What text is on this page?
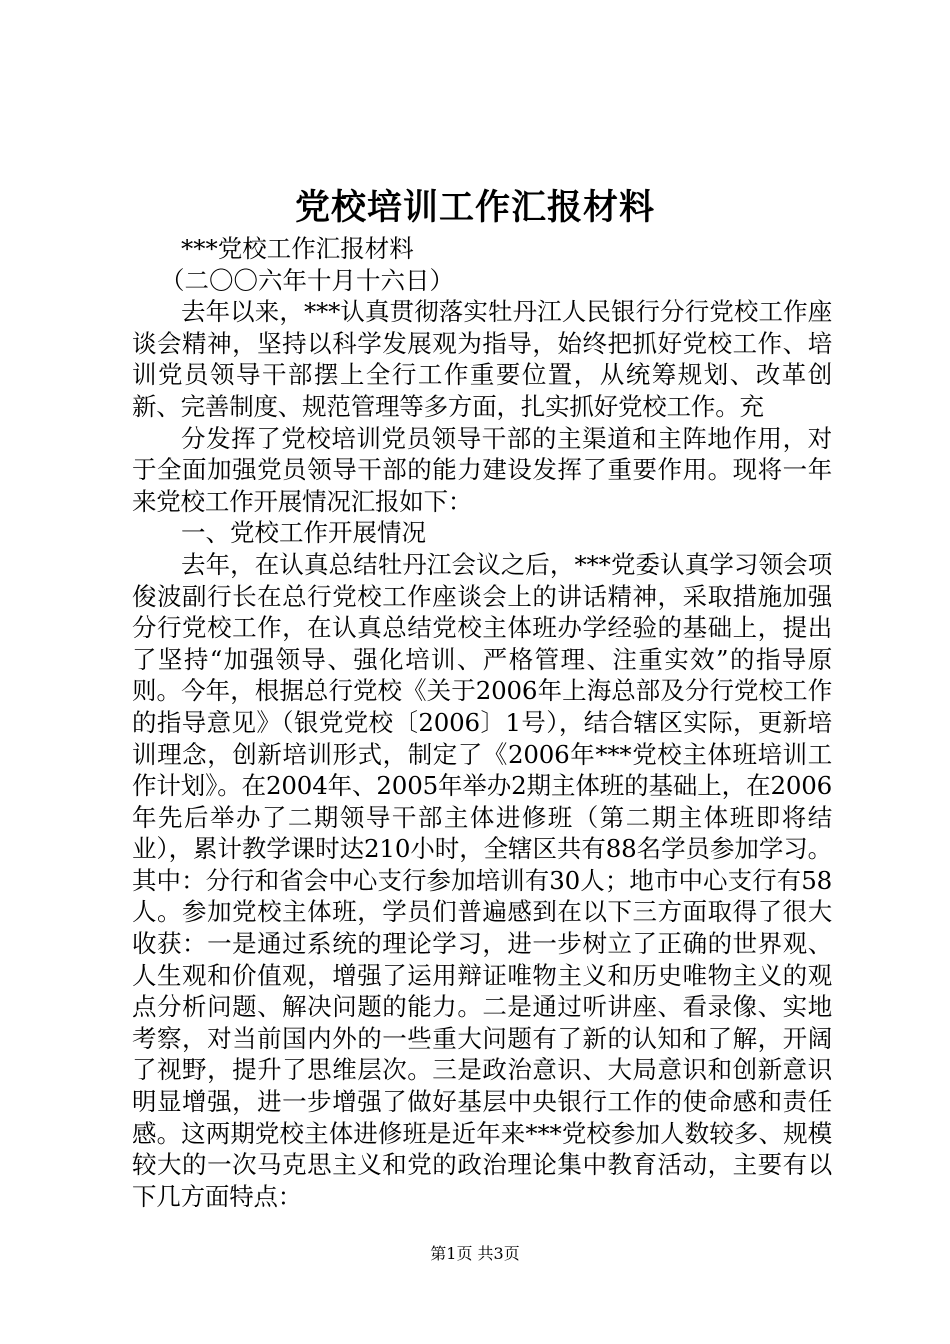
党校培训工作汇报材料

***党校工作汇报材料

（二〇〇六年十月十六日）

去年以来，***认真贯彻落实牡丹江人民银行分行党校工作座谈会精神，坚持以科学发展观为指导，始终把抓好党校工作、培训党员领导干部摆上全行工作重要位置，从统筹规划、改革创新、完善制度、规范管理等多方面，扎实抓好党校工作。充

分发挥了党校培训党员领导干部的主渠道和主阵地作用，对于全面加强党员领导干部的能力建设发挥了重要作用。现将一年来党校工作开展情况汇报如下：

一、党校工作开展情况

去年，在认真总结牡丹江会议之后，***党委认真学习领会项俊波副行长在总行党校工作座谈会上的讲话精神，采取措施加强分行党校工作，在认真总结党校主体班办学经验的基础上，提出了坚持“加强领导、强化培训、严格管理、注重实效”的指导原则。今年，根据总行党校《关于2006年上海总部及分行党校工作的指导意见》（银党党校〔2006〕1号），结合辖区实际，更新培训理念，创新培训形式，制定了《2006年***党校主体班培训工作计划》。在2004年、2005年举办2期主体班的基础上，在2006年先后举办了二期领导干部主体进修班（第二期主体班即将结业），累计教学课时达210小时，全辖区共有88名学员参加学习。其中：分行和省会中心支行参加培训有30人；地市中心支行有58人。参加党校主体班，学员们普遍感到在以下三方面取得了很大收获：一是通过系统的理论学习，进一步树立了正确的世界观、人生观和价值观，增强了运用辩证唯物主义和历史唯物主义的观点分析问题、解决问题的能力。二是通过听讲座、看录像、实地考察，对当前国内外的一些重大问题有了新的认知和了解，开阔了视野，提升了思维层次。三是政治意识、大局意识和创新意识明显增强，进一步增强了做好基层中央银行工作的使命感和责任感。这两期党校主体进修班是近年来***党校参加人数较多、规模较大的一次马克思主义和党的政治理论集中教育活动，主要有以下几方面特点：

第1页 共3页
